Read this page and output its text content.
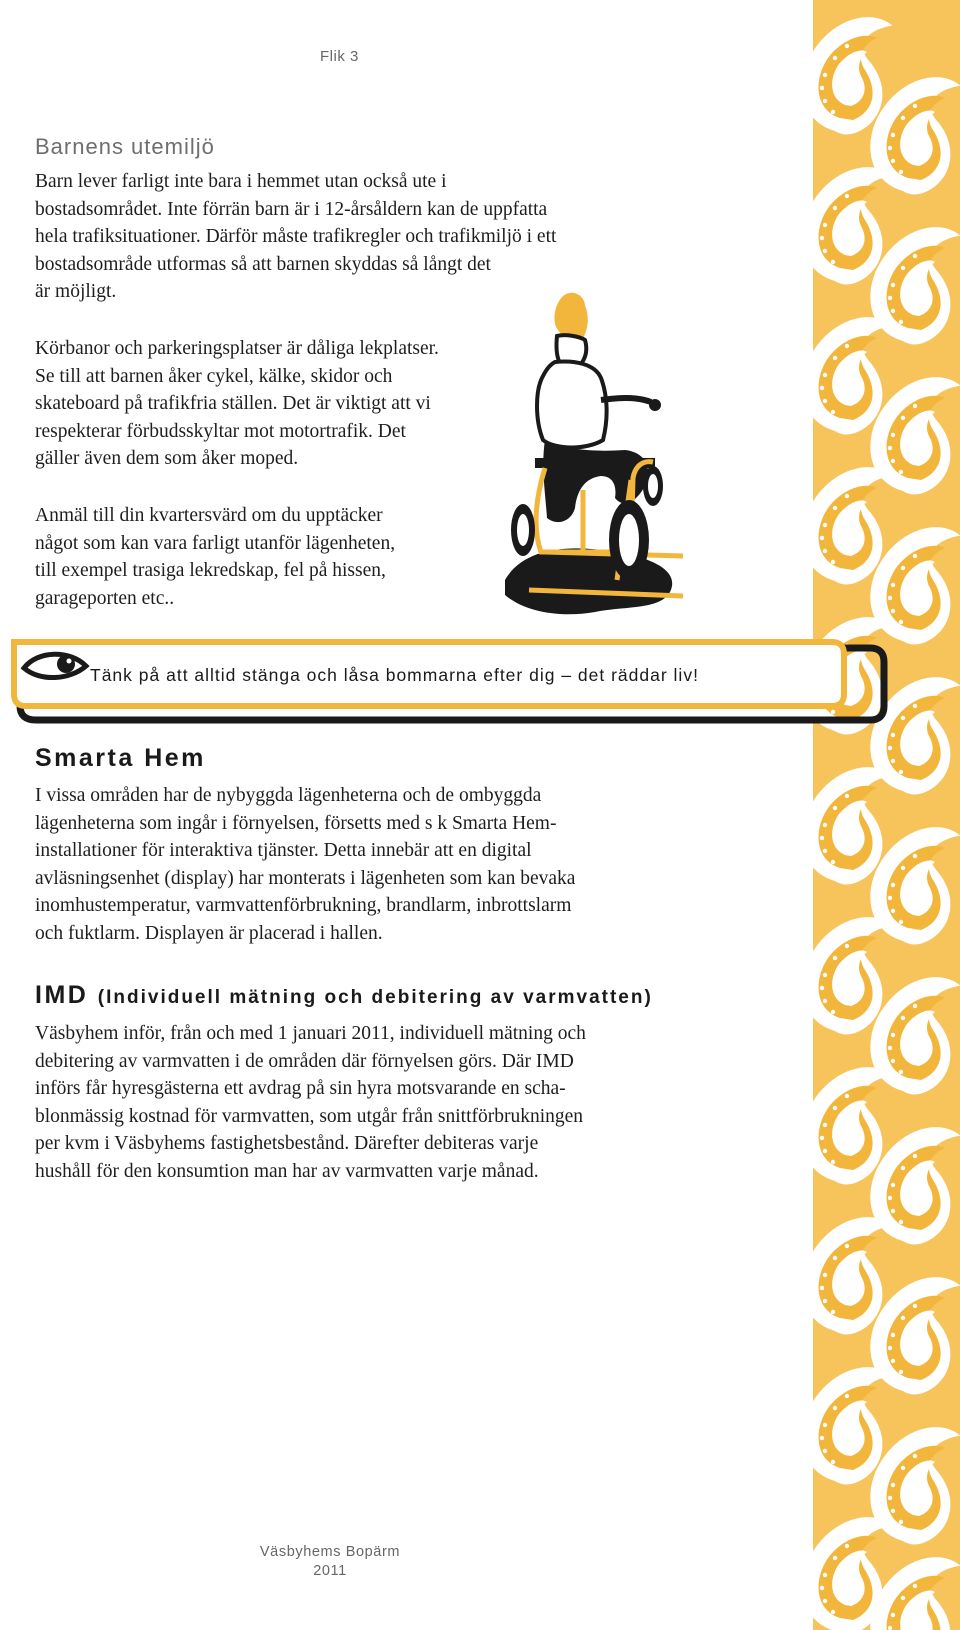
Flik 3
Barnens utemiljö

Barn lever farligt inte bara i hemmet utan också ute i
bostadsområdet. Inte förrän barn är i 12-årsåldern kan de uppfatta
hela trafiksituationer. Därför måste trafikregler och trafikmiljö i ett
bostadsområde utformas så att barnen skyddas så långt det
är möjligt.

Körbanor och parkeringsplatser är dåliga lekplatser.
Se till att barnen åker cykel, kälke, skidor och
skateboard på trafikfria ställen. Det är viktigt att vi
respekterar förbudsskyltar mot motortrafik. Det
gäller även dem som åker moped.

Anmäl till din kvartersvärd om du upptäcker
något som kan vara farligt utanför lägenheten,
till exempel trasiga lekredskap, fel på hissen,
garageporten etc..

Tänk på att alltid stänga och låsa bommarna efter dig – det räddar liv!
Smarta Hem

I vissa områden har de nybyggda lägenheterna och de ombyggda
lägenheterna som ingår i förnyelsen, försetts med s k Smarta Hem-
installationer för interaktiva tjänster. Detta innebär att en digital
avläsningsenhet (display) har monterats i lägenheten som kan bevaka
inomhustemperatur, varmvattenförbrukning, brandlarm, inbrottslarm
och fuktlarm. Displayen är placerad i hallen.

IMD (Individuell mätning och debitering av varmvatten)

Väsbyhem inför, från och med 1 januari 2011, individuell mätning och
debitering av varmvatten i de områden där förnyelsen görs. Där IMD
införs får hyresgästerna ett avdrag på sin hyra motsvarande en scha-
blonmässig kostnad för varmvatten, som utgår från snittförbrukningen
per kvm i Väsbyhems fastighetsbestånd. Därefter debiteras varje
hushåll för den konsumtion man har av varmvatten varje månad.

Väsbyhems Bopärm
2011
